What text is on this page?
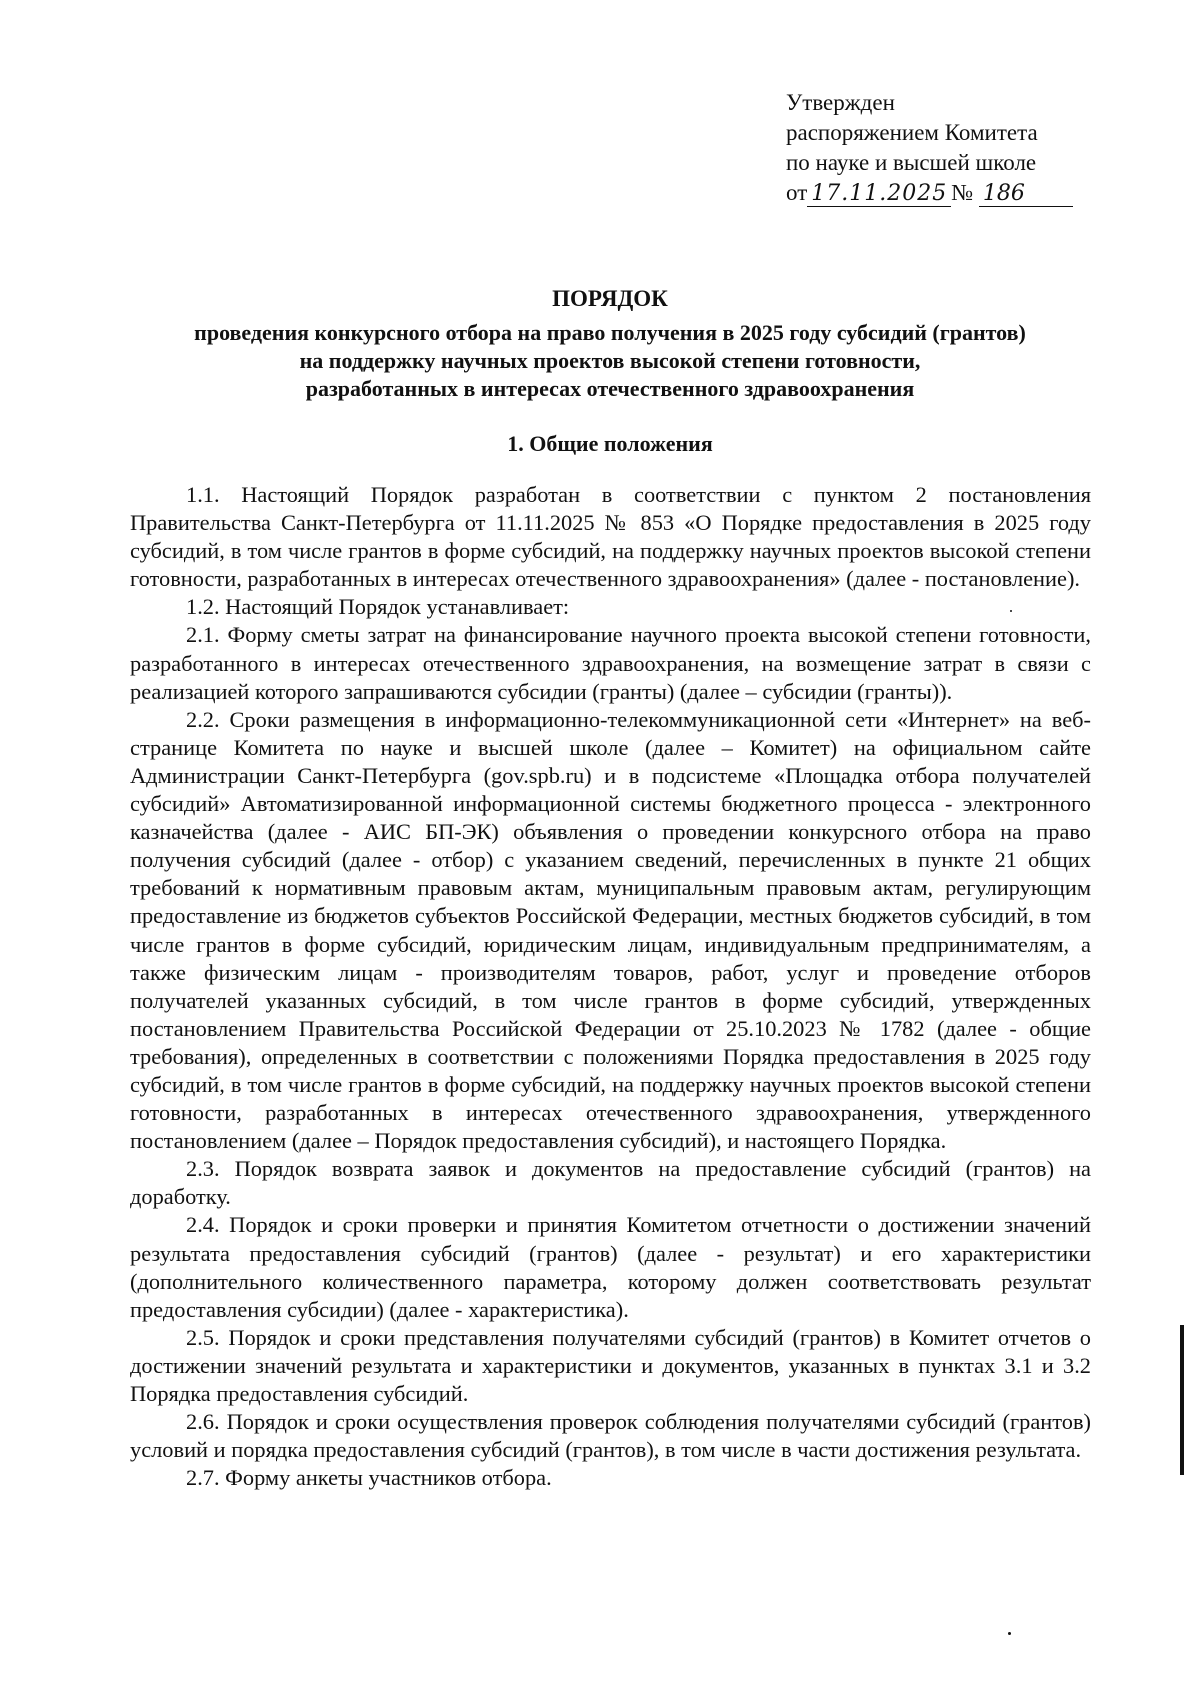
Утвержден
распоряжением Комитета
по науке и высшей школе
от 17.11.2025 № 186
ПОРЯДОК
проведения конкурсного отбора на право получения в 2025 году субсидий (грантов)
на поддержку научных проектов высокой степени готовности,
разработанных в интересах отечественного здравоохранения
1. Общие положения

1.1. Настоящий Порядок разработан в соответствии с пунктом 2 постановления Правительства Санкт-Петербурга от 11.11.2025 № 853 «О Порядке предоставления в 2025 году субсидий, в том числе грантов в форме субсидий, на поддержку научных проектов высокой степени готовности, разработанных в интересах отечественного здравоохранения» (далее - постановление).

1.2. Настоящий Порядок устанавливает:

2.1. Форму сметы затрат на финансирование научного проекта высокой степени готовности, разработанного в интересах отечественного здравоохранения, на возмещение затрат в связи с реализацией которого запрашиваются субсидии (гранты) (далее – субсидии (гранты)).

2.2. Сроки размещения в информационно-телекоммуникационной сети «Интернет» на веб-странице Комитета по науке и высшей школе (далее – Комитет) на официальном сайте Администрации Санкт-Петербурга (gov.spb.ru) и в подсистеме «Площадка отбора получателей субсидий» Автоматизированной информационной системы бюджетного процесса - электронного казначейства (далее - АИС БП-ЭК) объявления о проведении конкурсного отбора на право получения субсидий (далее - отбор) с указанием сведений, перечисленных в пункте 21 общих требований к нормативным правовым актам, муниципальным правовым актам, регулирующим предоставление из бюджетов субъектов Российской Федерации, местных бюджетов субсидий, в том числе грантов в форме субсидий, юридическим лицам, индивидуальным предпринимателям, а также физическим лицам - производителям товаров, работ, услуг и проведение отборов получателей указанных субсидий, в том числе грантов в форме субсидий, утвержденных постановлением Правительства Российской Федерации от 25.10.2023 № 1782 (далее - общие требования), определенных в соответствии с положениями Порядка предоставления в 2025 году субсидий, в том числе грантов в форме субсидий, на поддержку научных проектов высокой степени готовности, разработанных в интересах отечественного здравоохранения, утвержденного постановлением (далее – Порядок предоставления субсидий), и настоящего Порядка.

2.3. Порядок возврата заявок и документов на предоставление субсидий (грантов) на доработку.

2.4. Порядок и сроки проверки и принятия Комитетом отчетности о достижении значений результата предоставления субсидий (грантов) (далее - результат) и его характеристики (дополнительного количественного параметра, которому должен соответствовать результат предоставления субсидии) (далее - характеристика).

2.5. Порядок и сроки представления получателями субсидий (грантов) в Комитет отчетов о достижении значений результата и характеристики и документов, указанных в пунктах 3.1 и 3.2 Порядка предоставления субсидий.

2.6. Порядок и сроки осуществления проверок соблюдения получателями субсидий (грантов) условий и порядка предоставления субсидий (грантов), в том числе в части достижения результата.

2.7. Форму анкеты участников отбора.
